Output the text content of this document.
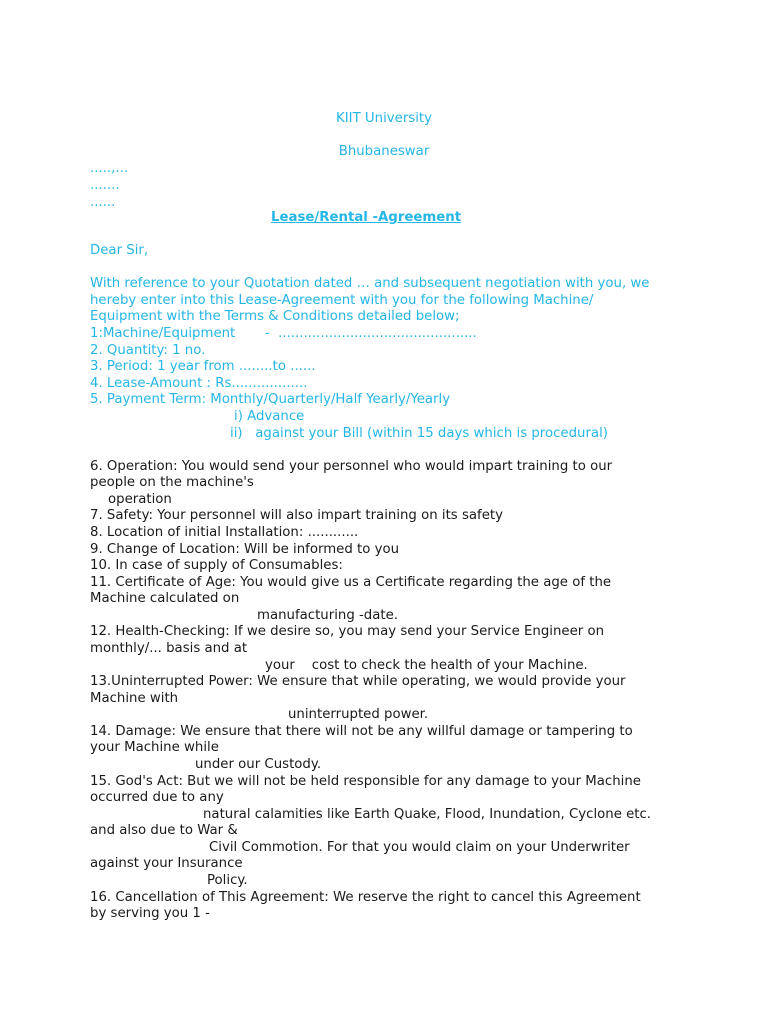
KIIT University
Bhubaneswar
.....,...
.......
......
Lease/Rental -Agreement
Dear Sir,
With reference to your Quotation dated … and subsequent negotiation with you, we
hereby enter into this Lease-Agreement with you for the following Machine/
Equipment with the Terms & Conditions detailed below;
1:Machine/Equipment       -  ...............................................
2. Quantity: 1 no.
3. Period: 1 year from ........to ......
4. Lease-Amount : Rs..................
5. Payment Term: Monthly/Quarterly/Half Yearly/Yearly
i) Advance
ii)   against your Bill (within 15 days which is procedural)
6. Operation: You would send your personnel who would impart training to our
people on the machine's
operation
7. Safety: Your personnel will also impart training on its safety
8. Location of initial Installation: ............
9. Change of Location: Will be informed to you
10. In case of supply of Consumables:
11. Certificate of Age: You would give us a Certificate regarding the age of the
Machine calculated on
manufacturing -date.
12. Health-Checking: If we desire so, you may send your Service Engineer on
monthly/... basis and at
your    cost to check the health of your Machine.
13.Uninterrupted Power: We ensure that while operating, we would provide your
Machine with
uninterrupted power.
14. Damage: We ensure that there will not be any willful damage or tampering to
your Machine while
under our Custody.
15. God's Act: But we will not be held responsible for any damage to your Machine
occurred due to any
natural calamities like Earth Quake, Flood, Inundation, Cyclone etc.
and also due to War &
Civil Commotion. For that you would claim on your Underwriter
against your Insurance
Policy.
16. Cancellation of This Agreement: We reserve the right to cancel this Agreement
by serving you 1 -
